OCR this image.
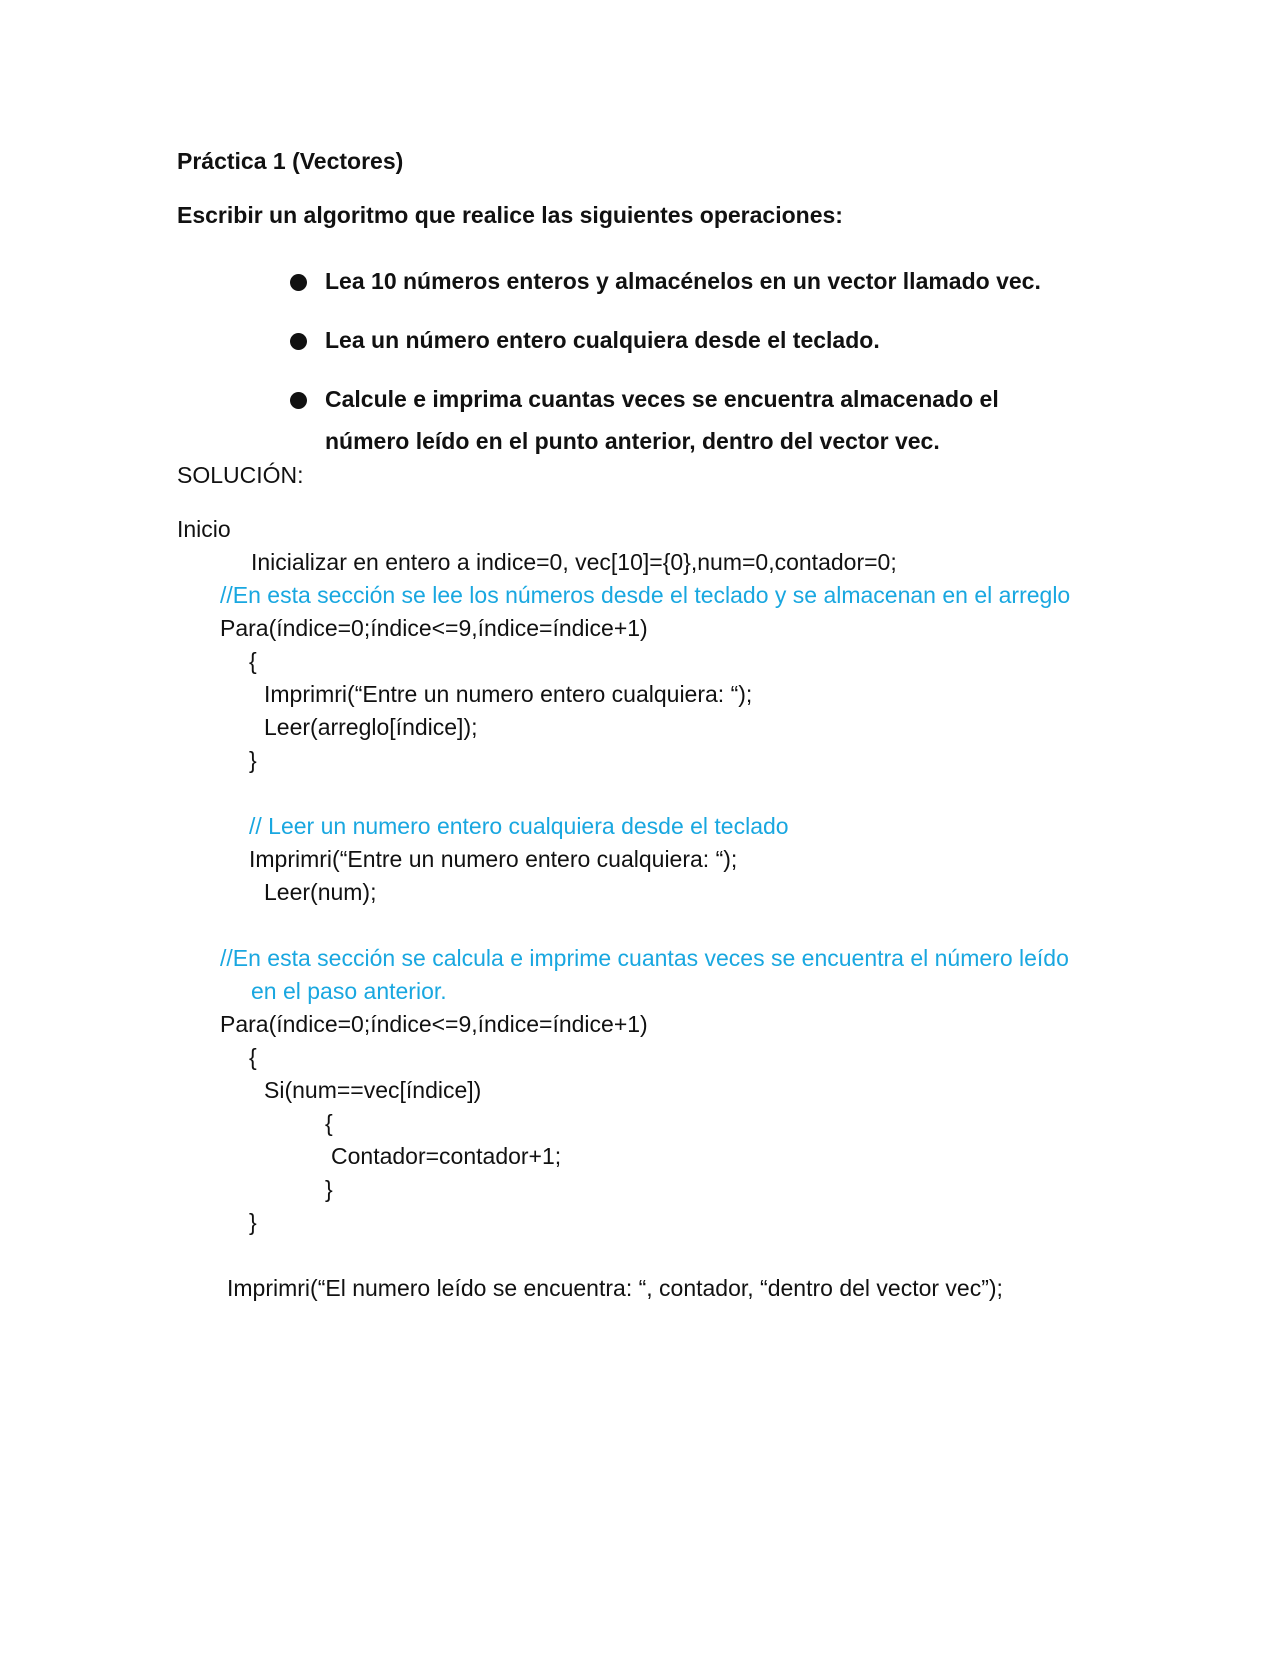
Práctica 1 (Vectores)
Escribir un algoritmo que realice las siguientes operaciones:
Lea 10 números enteros y almacénelos en un vector llamado vec.
Lea un número entero cualquiera desde el teclado.
Calcule e imprima cuantas veces se encuentra almacenado el
número leído en el punto anterior, dentro del vector vec.
SOLUCIÓN:
Inicio
Inicializar en entero a indice=0, vec[10]={0},num=0,contador=0;
//En esta sección se lee los números desde el teclado y se almacenan en el arreglo
Para(índice=0;índice<=9,índice=índice+1)
{
Imprimri(“Entre un numero entero cualquiera: “);
Leer(arreglo[índice]);
}
// Leer un numero entero cualquiera desde el teclado
Imprimri(“Entre un numero entero cualquiera: “);
Leer(num);
//En esta sección se calcula e imprime cuantas veces se encuentra el número leído
en el paso anterior.
Para(índice=0;índice<=9,índice=índice+1)
{
Si(num==vec[índice])
{
Contador=contador+1;
}
}
Imprimri(“El numero leído se encuentra: “, contador, “dentro del vector vec”);
